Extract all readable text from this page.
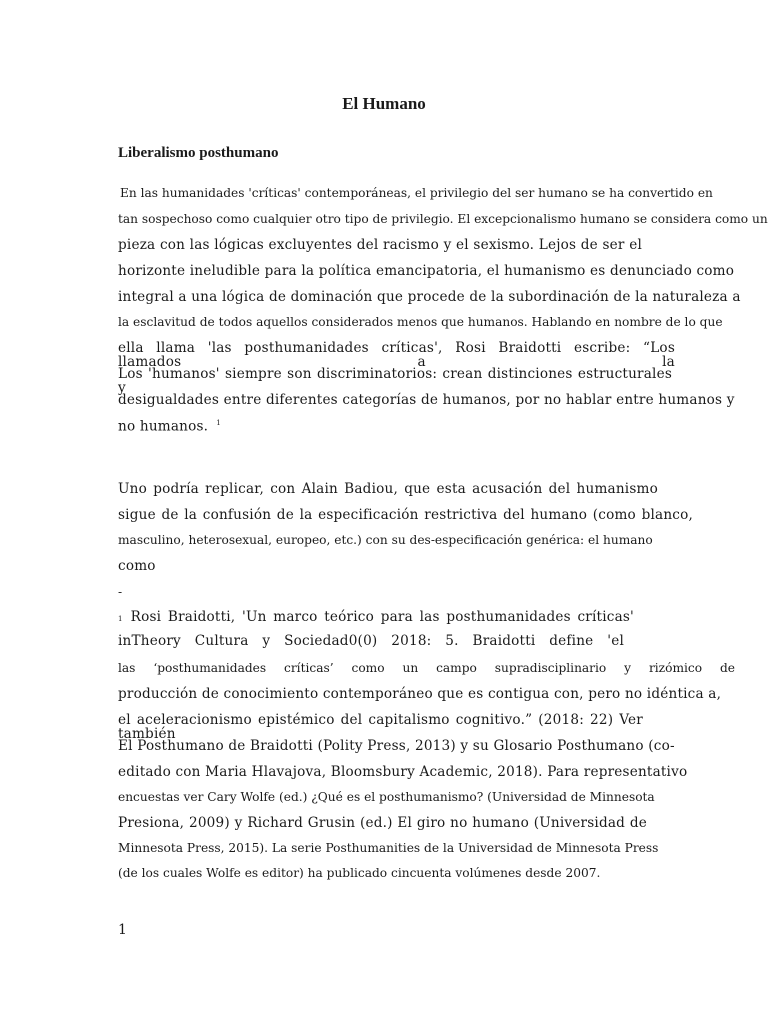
El Humano
Liberalismo posthumano
En las humanidades 'críticas' contemporáneas, el privilegio del ser humano se ha convertido en
tan sospechoso como cualquier otro tipo de privilegio. El excepcionalismo humano se considera como un
pieza con las lógicas excluyentes del racismo y el sexismo. Lejos de ser el
horizonte ineludible para la política emancipatoria, el humanismo es denunciado como
integral a una lógica de dominación que procede de la subordinación de la naturaleza a
la esclavitud de todos aquellos considerados menos que humanos. Hablando en nombre de lo que
ella llama 'las posthumanidades críticas', Rosi Braidotti escribe: “Los llamados a la
Los 'humanos' siempre son discriminatorios: crean distinciones estructurales y
desigualdades entre diferentes categorías de humanos, por no hablar entre humanos y
no humanos. $^1$
Uno podría replicar, con Alain Badiou, que esta acusación del humanismo
sigue de la confusión de la especificación restrictiva del humano (como blanco,
masculino, heterosexual, europeo, etc.) con su des-especificación genérica: el humano
como
-
1 Rosi Braidotti, 'Un marco teórico para las posthumanidades críticas'
inTheory Cultura y Sociedad0(0) 2018: 5. Braidotti define 'el
las ‘posthumanidades críticas’ como un campo supradisciplinario y rizómico de
producción de conocimiento contemporáneo que es contigua con, pero no idéntica a,
el aceleracionismo epistémico del capitalismo cognitivo.” (2018: 22) Ver también
El Posthumano de Braidotti (Polity Press, 2013) y su Glosario Posthumano (co-
editado con Maria Hlavajova, Bloomsbury Academic, 2018). Para representativo
encuestas ver Cary Wolfe (ed.) ¿Qué es el posthumanismo? (Universidad de Minnesota
Presiona, 2009) y Richard Grusin (ed.) El giro no humano (Universidad de
Minnesota Press, 2015). La serie Posthumanities de la Universidad de Minnesota Press
(de los cuales Wolfe es editor) ha publicado cincuenta volúmenes desde 2007.
1
